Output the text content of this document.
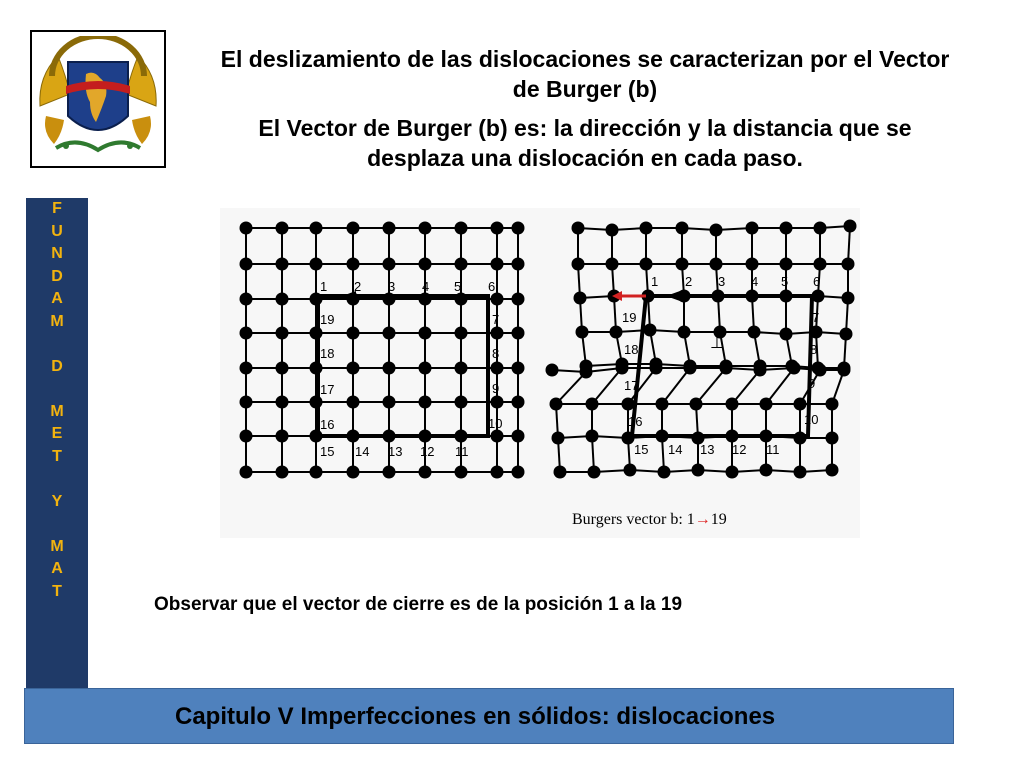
El deslizamiento de las dislocaciones se caracterizan por el Vector de Burger (b)

El Vector de Burger (b) es: la dirección y la distancia que se desplaza una dislocación en cada paso.

F
U
N
D
A
M
D
M
E
T
Y
M
A
T
1 2 3 4 5 6
7
8
9
10
11
12
13
14
15
16
17
18
19
1 2 3 4 5 6
7
8
9
10
11
12
13
14
15
16
17
18
19
⊥
Burgers vector b: 1→19
Observar que el vector de cierre es de la posición 1 a la 19
Capitulo V Imperfecciones en sólidos: dislocaciones
